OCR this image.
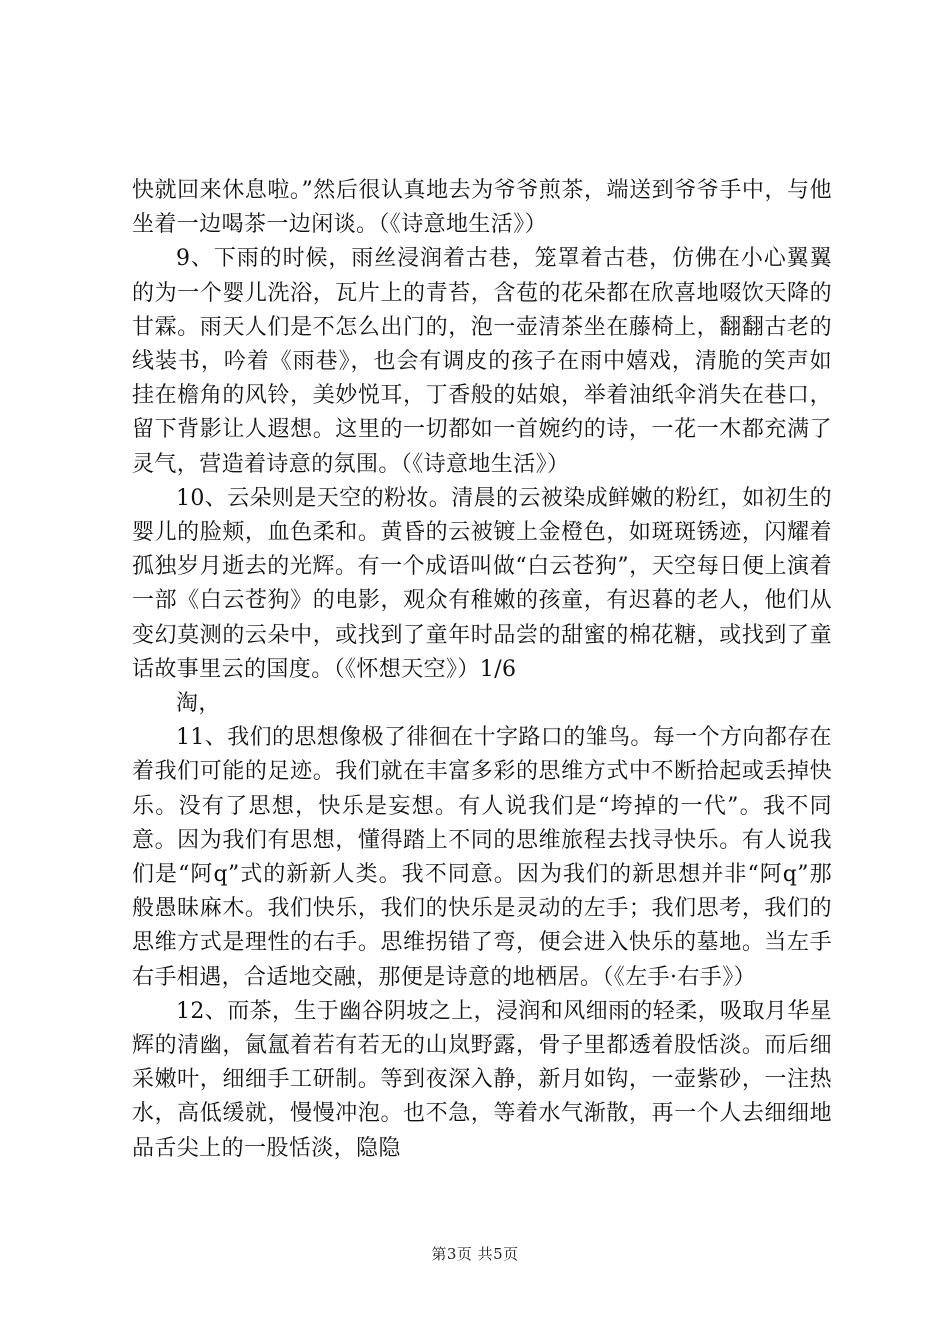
快就回来休息啦。”然后很认真地去为爷爷煎茶，端送到爷爷手中，与他坐着一边喝茶一边闲谈。（《诗意地生活》）

9、下雨的时候，雨丝浸润着古巷，笼罩着古巷，仿佛在小心翼翼的为一个婴儿洗浴，瓦片上的青苔，含苞的花朵都在欣喜地啜饮天降的甘霖。雨天人们是不怎么出门的，泡一壶清茶坐在藤椅上，翻翻古老的线装书，吟着《雨巷》，也会有调皮的孩子在雨中嬉戏，清脆的笑声如挂在檐角的风铃，美妙悦耳，丁香般的姑娘，举着油纸伞消失在巷口，留下背影让人遐想。这里的一切都如一首婉约的诗，一花一木都充满了灵气，营造着诗意的氛围。（《诗意地生活》）

10、云朵则是天空的粉妆。清晨的云被染成鲜嫩的粉红，如初生的婴儿的脸颊，血色柔和。黄昏的云被镀上金橙色，如斑斑锈迹，闪耀着孤独岁月逝去的光辉。有一个成语叫做“白云苍狗”，天空每日便上演着一部《白云苍狗》的电影，观众有稚嫩的孩童，有迟暮的老人，他们从变幻莫测的云朵中，或找到了童年时品尝的甜蜜的棉花糖，或找到了童话故事里云的国度。（《怀想天空》）1/6

淘，

11、我们的思想像极了徘徊在十字路口的雏鸟。每一个方向都存在着我们可能的足迹。我们就在丰富多彩的思维方式中不断拾起或丢掉快乐。没有了思想，快乐是妄想。有人说我们是“垮掉的一代”。我不同意。因为我们有思想，懂得踏上不同的思维旅程去找寻快乐。有人说我们是“阿q”式的新新人类。我不同意。因为我们的新思想并非“阿q”那般愚昧麻木。我们快乐，我们的快乐是灵动的左手；我们思考，我们的思维方式是理性的右手。思维拐错了弯，便会进入快乐的墓地。当左手右手相遇，合适地交融，那便是诗意的地栖居。（《左手·右手》）

12、而茶，生于幽谷阴坡之上，浸润和风细雨的轻柔，吸取月华星辉的清幽，氤氲着若有若无的山岚野露，骨子里都透着股恬淡。而后细采嫩叶，细细手工研制。等到夜深入静，新月如钩，一壶紫砂，一注热水，高低缓就，慢慢冲泡。也不急，等着水气渐散，再一个人去细细地品舌尖上的一股恬淡，隐隐

第3页 共5页
